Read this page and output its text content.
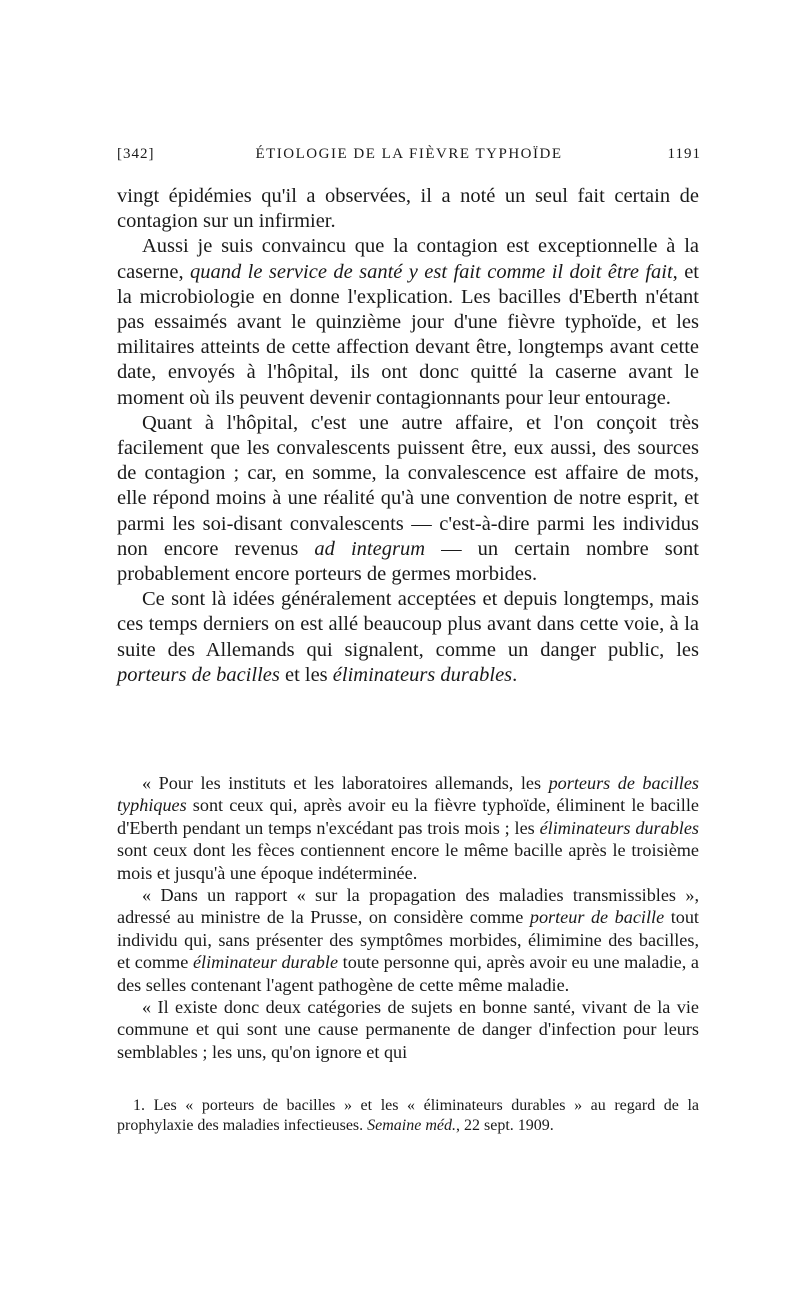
[342]	ÉTIOLOGIE DE LA FIÈVRE TYPHOÏDE	1191

vingt épidémies qu'il a observées, il a noté un seul fait certain de contagion sur un infirmier.

Aussi je suis convaincu que la contagion est exceptionnelle à la caserne, quand le service de santé y est fait comme il doit être fait, et la microbiologie en donne l'explication. Les bacilles d'Eberth n'étant pas essaimés avant le quinzième jour d'une fièvre typhoïde, et les militaires atteints de cette affection devant être, longtemps avant cette date, envoyés à l'hôpital, ils ont donc quitté la caserne avant le moment où ils peuvent devenir contagionnants pour leur entourage.

Quant à l'hôpital, c'est une autre affaire, et l'on conçoit très facilement que les convalescents puissent être, eux aussi, des sources de contagion ; car, en somme, la convalescence est affaire de mots, elle répond moins à une réalité qu'à une convention de notre esprit, et parmi les soi-disant convalescents — c'est-à-dire parmi les individus non encore revenus ad integrum — un certain nombre sont probablement encore porteurs de germes morbides.

Ce sont là idées généralement acceptées et depuis longtemps, mais ces temps derniers on est allé beaucoup plus avant dans cette voie, à la suite des Allemands qui signalent, comme un danger public, les porteurs de bacilles et les éliminateurs durables.

« Pour les instituts et les laboratoires allemands, les porteurs de bacilles typhiques sont ceux qui, après avoir eu la fièvre typhoïde, éliminent le bacille d'Eberth pendant un temps n'excédant pas trois mois ; les éliminateurs durables sont ceux dont les fèces contiennent encore le même bacille après le troisième mois et jusqu'à une époque indéterminée.

« Dans un rapport « sur la propagation des maladies transmissibles », adressé au ministre de la Prusse, on considère comme porteur de bacille tout individu qui, sans présenter des symptômes morbides, élimimine des bacilles, et comme éliminateur durable toute personne qui, après avoir eu une maladie, a des selles contenant l'agent pathogène de cette même maladie.

« Il existe donc deux catégories de sujets en bonne santé, vivant de la vie commune et qui sont une cause permanente de danger d'infection pour leurs semblables ; les uns, qu'on ignore et qui

1. Les « porteurs de bacilles » et les « éliminateurs durables » au regard de la prophylaxie des maladies infectieuses. Semaine méd., 22 sept. 1909.
